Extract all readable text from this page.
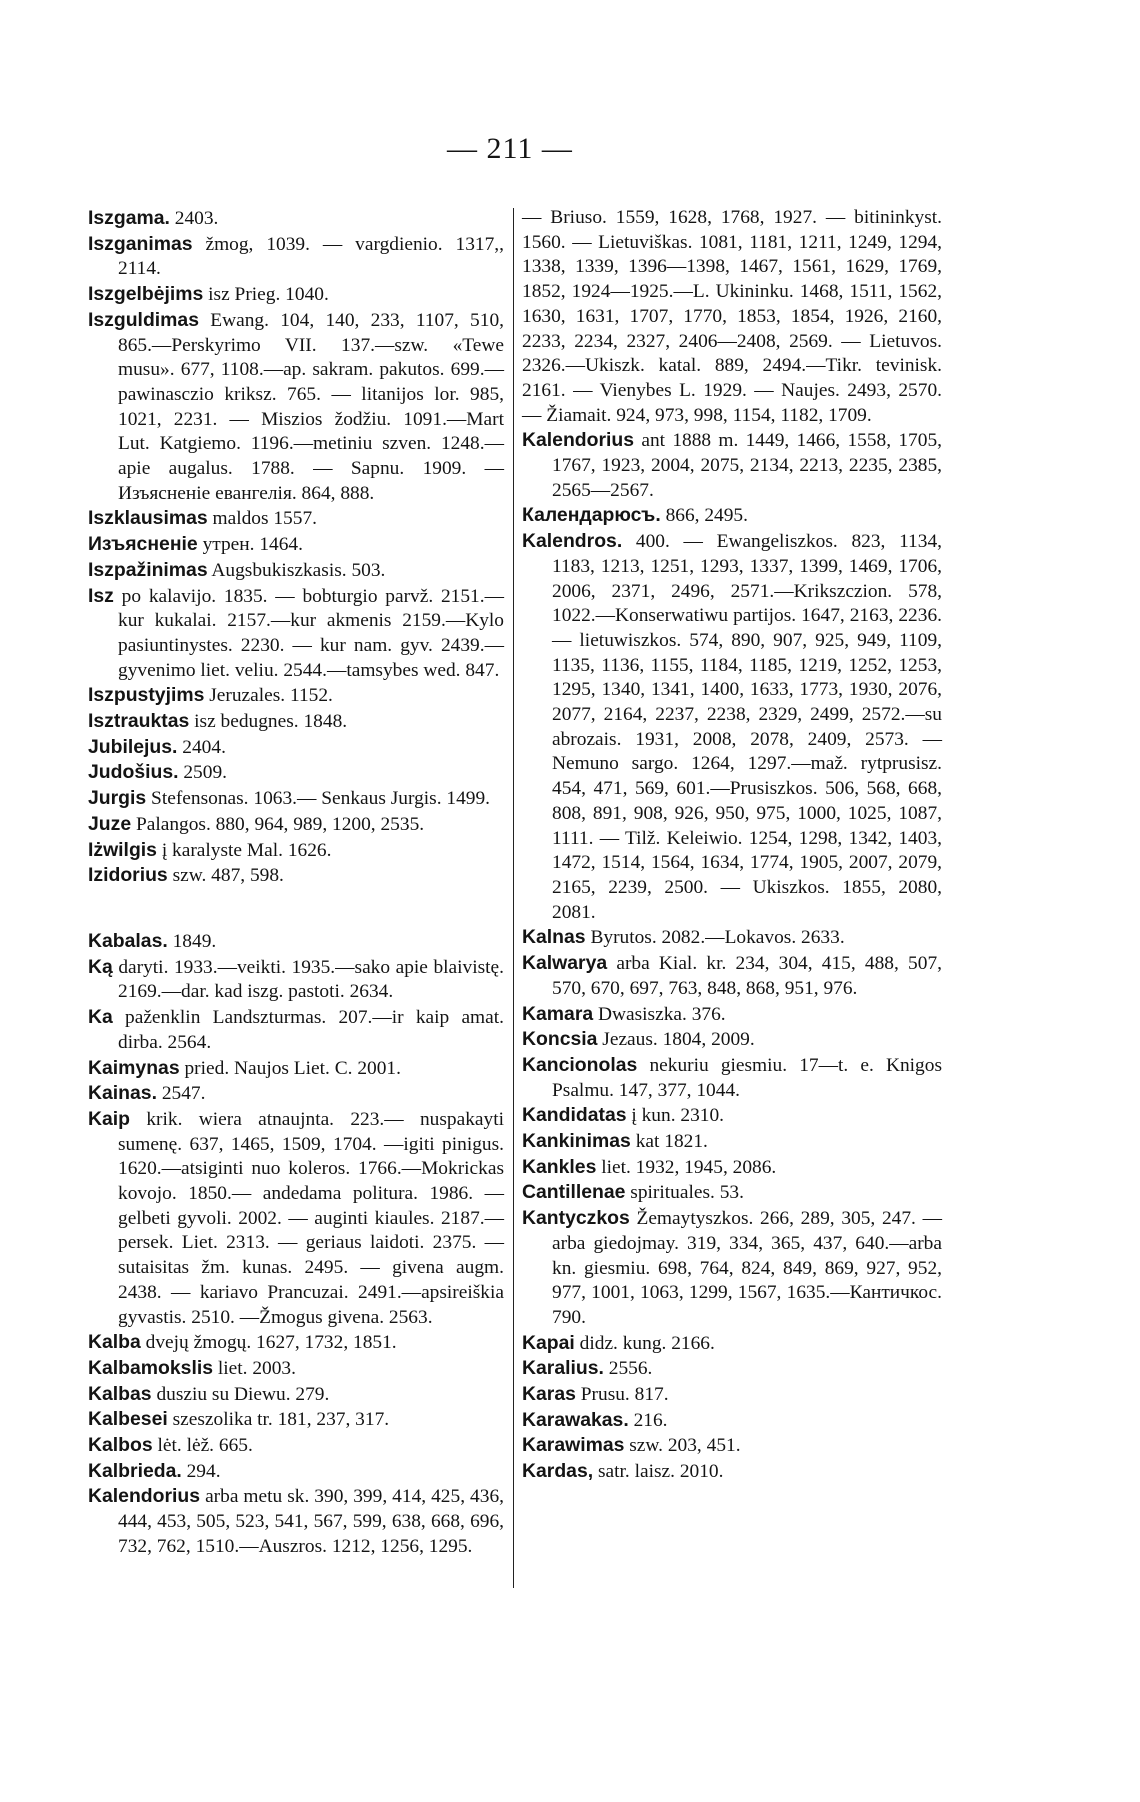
— 211 —

Iszgama. 2403.

Iszganimas žmog, 1039. — vargdienio. 1317,, 2114.

Iszgelbėjims isz Prieg. 1040.

Iszguldimas Ewang. 104, 140, 233, 1107, 510, 865.—Perskyrimo VII. 137.—szw. «Tewe musu». 677, 1108.—ap. sakram. pakutos. 699.—pawinasczio kriksz. 765. — litanijos lor. 985, 1021, 2231. — Miszios žodžiu. 1091.—Mart Lut. Katgiemo. 1196.—metiniu szven. 1248.— apie augalus. 1788. — Sapnu. 1909. — Изъясненіе евангелія. 864, 888.

Iszklausimas maldos 1557.

Изъясненіе утрен. 1464.

Iszpažinimas Augsbukiszkasis. 503.

Isz po kalavijo. 1835. — bobturgio parvž. 2151.—kur kukalai. 2157.—kur akmenis 2159.—Kylo pasiuntinystes. 2230. — kur nam. gyv. 2439.—gyvenimo liet. veliu. 2544.—tamsybes wed. 847.

Iszpustyjims Jeruzales. 1152.

Isztrauktas isz bedugnes. 1848.

Jubilejus. 2404.

Judošius. 2509.

Jurgis Stefensonas. 1063.— Senkaus Jurgis. 1499.

Juze Palangos. 880, 964, 989, 1200, 2535.

Iżwilgis į karalyste Mal. 1626.

Izidorius szw. 487, 598.

Kabalas. 1849.

Ką daryti. 1933.—veikti. 1935.—sako apie blaivistę. 2169.—dar. kad iszg. pastoti. 2634.

Ka paženklin Landszturmas. 207.—ir kaip amat. dirba. 2564.

Kaimynas pried. Naujos Liet. C. 2001.

Kainas. 2547.

Kaip krik. wiera atnaujnta. 223.— nuspakayti sumenę. 637, 1465, 1509, 1704. —igiti pinigus. 1620.—atsiginti nuo koleros. 1766.—Mokrickas kovojo. 1850.— andedama politura. 1986. —gelbeti gyvoli. 2002. — auginti kiaules. 2187.— persek. Liet. 2313. — geriaus laidoti. 2375. — sutaisitas žm. kunas. 2495. — givena augm. 2438. — kariavo Prancuzai. 2491.—apsireiškia gyvastis. 2510. —Žmogus givena. 2563.

Kalba dvejų žmogų. 1627, 1732, 1851.

Kalbamokslis liet. 2003.

Kalbas dusziu su Diewu. 279.

Kalbesei szeszolika tr. 181, 237, 317.

Kalbos lėt. lėž. 665.

Kalbrieda. 294.

Kalendorius arba metu sk. 390, 399, 414, 425, 436, 444, 453, 505, 523, 541, 567, 599, 638, 668, 696, 732, 762, 1510.—Auszros. 1212, 1256, 1295.

— Briuso. 1559, 1628, 1768, 1927. — bitininkyst. 1560. — Lietuviškas. 1081, 1181, 1211, 1249, 1294, 1338, 1339, 1396—1398, 1467, 1561, 1629, 1769, 1852, 1924—1925.—L. Ukininku. 1468, 1511, 1562, 1630, 1631, 1707, 1770, 1853, 1854, 1926, 2160, 2233, 2234, 2327, 2406—2408, 2569. — Lietuvos. 2326.—Ukiszk. katal. 889, 2494.—Tikr. tevinisk. 2161. — Vienybes L. 1929. — Naujes. 2493, 2570. — Žiamait. 924, 973, 998, 1154, 1182, 1709.

Kalendorius ant 1888 m. 1449, 1466, 1558, 1705, 1767, 1923, 2004, 2075, 2134, 2213, 2235, 2385, 2565—2567.

Календарюсъ. 866, 2495.

Kalendros. 400. — Ewangeliszkos. 823, 1134, 1183, 1213, 1251, 1293, 1337, 1399, 1469, 1706, 2006, 2371, 2496, 2571.—Krikszczion. 578, 1022.—Konserwatiwu partijos. 1647, 2163, 2236. — lietuwiszkos. 574, 890, 907, 925, 949, 1109, 1135, 1136, 1155, 1184, 1185, 1219, 1252, 1253, 1295, 1340, 1341, 1400, 1633, 1773, 1930, 2076, 2077, 2164, 2237, 2238, 2329, 2499, 2572.—su abrozais. 1931, 2008, 2078, 2409, 2573. — Nemuno sargo. 1264, 1297.—maž. rytprusisz. 454, 471, 569, 601.—Prusiszkos. 506, 568, 668, 808, 891, 908, 926, 950, 975, 1000, 1025, 1087, 1111. — Tilž. Keleiwio. 1254, 1298, 1342, 1403, 1472, 1514, 1564, 1634, 1774, 1905, 2007, 2079, 2165, 2239, 2500. — Ukiszkos. 1855, 2080, 2081.

Kalnas Byrutos. 2082.—Lokavos. 2633.

Kalwarya arba Kial. kr. 234, 304, 415, 488, 507, 570, 670, 697, 763, 848, 868, 951, 976.

Kamara Dwasiszka. 376.

Koncsia Jezaus. 1804, 2009.

Kancionolas nekuriu giesmiu. 17—t. e. Knigos Psalmu. 147, 377, 1044.

Kandidatas į kun. 2310.

Kankinimas kat 1821.

Kankles liet. 1932, 1945, 2086.

Cantillenae spirituales. 53.

Kantyczkos Žemaytyszkos. 266, 289, 305, 247. — arba giedojmay. 319, 334, 365, 437, 640.—arba kn. giesmiu. 698, 764, 824, 849, 869, 927, 952, 977, 1001, 1063, 1299, 1567, 1635.—Кантичкос. 790.

Kapai didz. kung. 2166.

Karalius. 2556.

Karas Prusu. 817.

Karawakas. 216.

Karawimas szw. 203, 451.

Kardas, satr. laisz. 2010.
